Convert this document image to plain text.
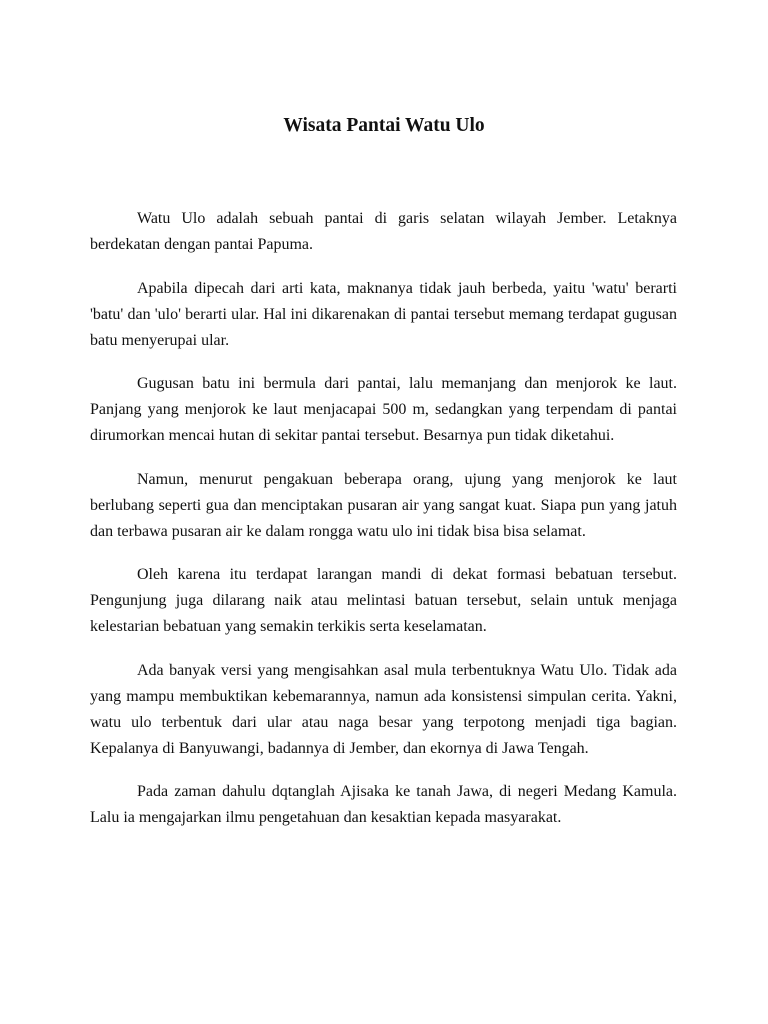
Wisata Pantai Watu Ulo

Watu Ulo adalah sebuah pantai di garis selatan wilayah Jember. Letaknya berdekatan dengan pantai Papuma.

Apabila dipecah dari arti kata, maknanya tidak jauh berbeda, yaitu 'watu' berarti 'batu' dan 'ulo' berarti ular. Hal ini dikarenakan di pantai tersebut memang terdapat gugusan batu menyerupai ular.

Gugusan batu ini bermula dari pantai, lalu memanjang dan menjorok ke laut. Panjang yang menjorok ke laut menjacapai 500 m, sedangkan yang terpendam di pantai dirumorkan mencai hutan di sekitar pantai tersebut. Besarnya pun tidak diketahui.

Namun, menurut pengakuan beberapa orang, ujung yang menjorok ke laut berlubang seperti gua dan menciptakan pusaran air yang sangat kuat. Siapa pun yang jatuh dan terbawa pusaran air ke dalam rongga watu ulo ini tidak bisa bisa selamat.

Oleh karena itu terdapat larangan mandi di dekat formasi bebatuan tersebut. Pengunjung juga dilarang naik atau melintasi batuan tersebut, selain untuk menjaga kelestarian bebatuan yang semakin terkikis serta keselamatan.

Ada banyak versi yang mengisahkan asal mula terbentuknya Watu Ulo. Tidak ada yang mampu membuktikan kebemarannya, namun ada konsistensi simpulan cerita. Yakni, watu ulo terbentuk dari ular atau naga besar yang terpotong menjadi tiga bagian. Kepalanya di Banyuwangi, badannya di Jember, dan ekornya di Jawa Tengah.

Pada zaman dahulu dqtanglah Ajisaka ke tanah Jawa, di negeri Medang Kamula. Lalu ia mengajarkan ilmu pengetahuan dan kesaktian kepada masyarakat.
